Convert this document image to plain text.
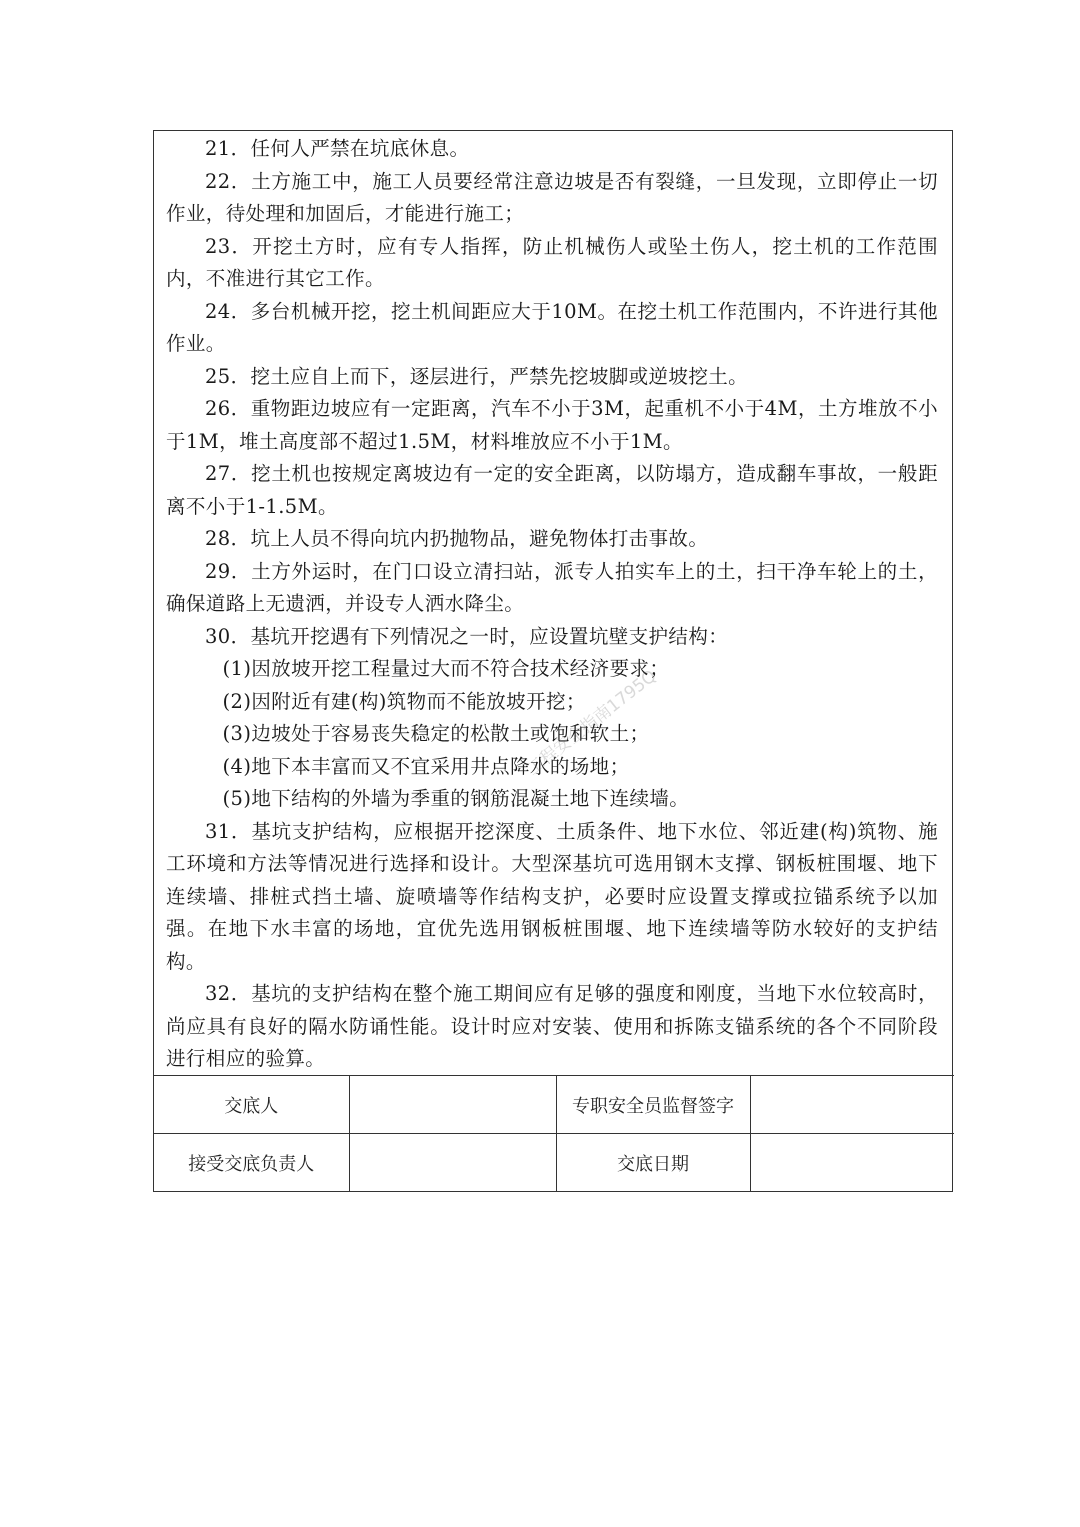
21．任何人严禁在坑底休息。

22．土方施工中，施工人员要经常注意边坡是否有裂缝，一旦发现，立即停止一切作业，待处理和加固后，才能进行施工；

23．开挖土方时，应有专人指挥，防止机械伤人或坠土伤人，挖土机的工作范围内，不准进行其它工作。

24．多台机械开挖，挖土机间距应大于10M。在挖土机工作范围内，不许进行其他作业。

25．挖土应自上而下，逐层进行，严禁先挖坡脚或逆坡挖土。

26．重物距边坡应有一定距离，汽车不小于3M，起重机不小于4M，土方堆放不小于1M，堆土高度部不超过1.5M，材料堆放应不小于1M。

27．挖土机也按规定离坡边有一定的安全距离，以防塌方，造成翻车事故，一般距离不小于1-1.5M。

28．坑上人员不得向坑内扔抛物品，避免物体打击事故。

29．土方外运时，在门口设立清扫站，派专人拍实车上的土，扫干净车轮上的土，确保道路上无遗洒，并设专人洒水降尘。

30．基坑开挖遇有下列情况之一时，应设置坑壁支护结构：

(1)因放坡开挖工程量过大而不符合技术经济要求；

(2)因附近有建(构)筑物而不能放坡开挖；

(3)边坡处于容易丧失稳定的松散土或饱和软土；

(4)地下本丰富而又不宜采用井点降水的场地；

(5)地下结构的外墙为季重的钢筋混凝土地下连续墙。

31．基坑支护结构，应根据开挖深度、土质条件、地下水位、邻近建(构)筑物、施工环境和方法等情况进行选择和设计。大型深基坑可选用钢木支撑、钢板桩围堰、地下连续墙、排桩式挡土墙、旋喷墙等作结构支护，必要时应设置支撑或拉锚系统予以加强。在地下水丰富的场地，宜优先选用钢板桩围堰、地下连续墙等防水较好的支护结构。

32．基坑的支护结构在整个施工期间应有足够的强度和刚度，当地下水位较高时，尚应具有良好的隔水防诵性能。设计时应对安装、使用和拆陈支锚系统的各个不同阶段进行相应的验算。

交底人		专职安全员监督签字	
接受交底负责人		交底日期	
工程安全指南1795Q
